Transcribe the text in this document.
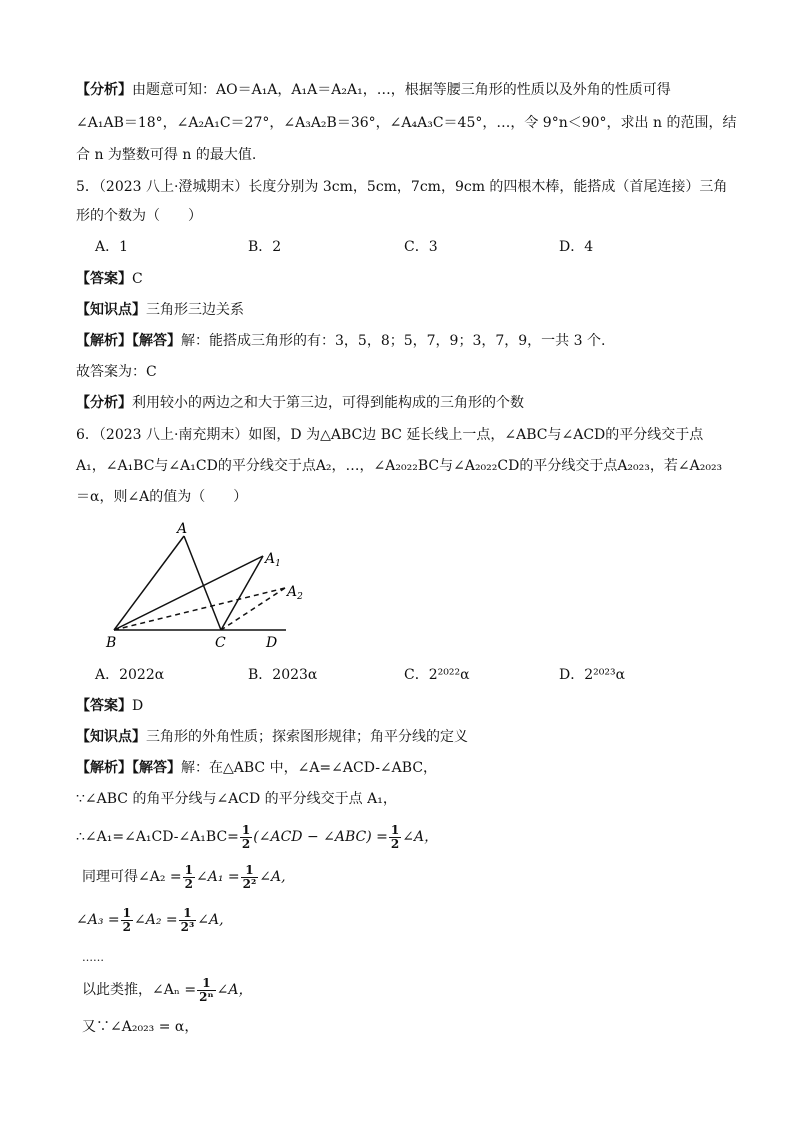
【分析】由题意可知：AO＝A₁A，A₁A＝A₂A₁，…，根据等腰三角形的性质以及外角的性质可得
∠A₁AB＝18°，∠A₂A₁C＝27°，∠A₃A₂B＝36°，∠A₄A₃C＝45°，…，令 9°n＜90°，求出 n 的范围，结
合 n 为整数可得 n 的最大值.
5．（2023 八上·澄城期末）长度分别为 3cm，5cm，7cm，9cm 的四根木棒，能搭成（首尾连接）三角
形的个数为（　　）
A．1	B．2	C．3	D．4
【答案】C
【知识点】三角形三边关系
【解析】【解答】解：能搭成三角形的有：3，5，8；5，7，9；3，7，9，一共 3 个.
故答案为：C
【分析】利用较小的两边之和大于第三边，可得到能构成的三角形的个数
6．（2023 八上·南充期末）如图，D 为△ABC边 BC 延长线上一点，∠ABC与∠ACD的平分线交于点
A₁，∠A₁BC与∠A₁CD的平分线交于点A₂，…，∠A₂₀₂₂BC与∠A₂₀₂₂CD的平分线交于点A₂₀₂₃，若∠A₂₀₂₃
＝α，则∠A的值为（　　）
A
$A_1$
$A_2$
B	C	D
A．2022α	B．2023α	C．2²⁰²²α	D．2²⁰²³α
【答案】D
【知识点】三角形的外角性质；探索图形规律；角平分线的定义
【解析】【解答】解：在△ABC 中，∠A=∠ACD-∠ABC，
∵∠ABC 的角平分线与∠ACD 的平分线交于点 A₁，
∴∠A₁=∠A₁CD-∠A₁BC= $\frac{1}{2}$ (∠ACD − ∠ABC) = $\frac{1}{2}$ ∠A，
同理可得∠A₂ = $\frac{1}{2}$ ∠A₁ = $\frac{1}{\text{2²}}$ ∠A,
∠A₃ = $\frac{1}{2}$ ∠A₂ = $\frac{1}{\text{2³}}$ ∠A,
……
以此类推，∠Aₙ = $\frac{1}{\text{2ⁿ}}$ ∠A，
又∵∠A₂₀₂₃ = α，
